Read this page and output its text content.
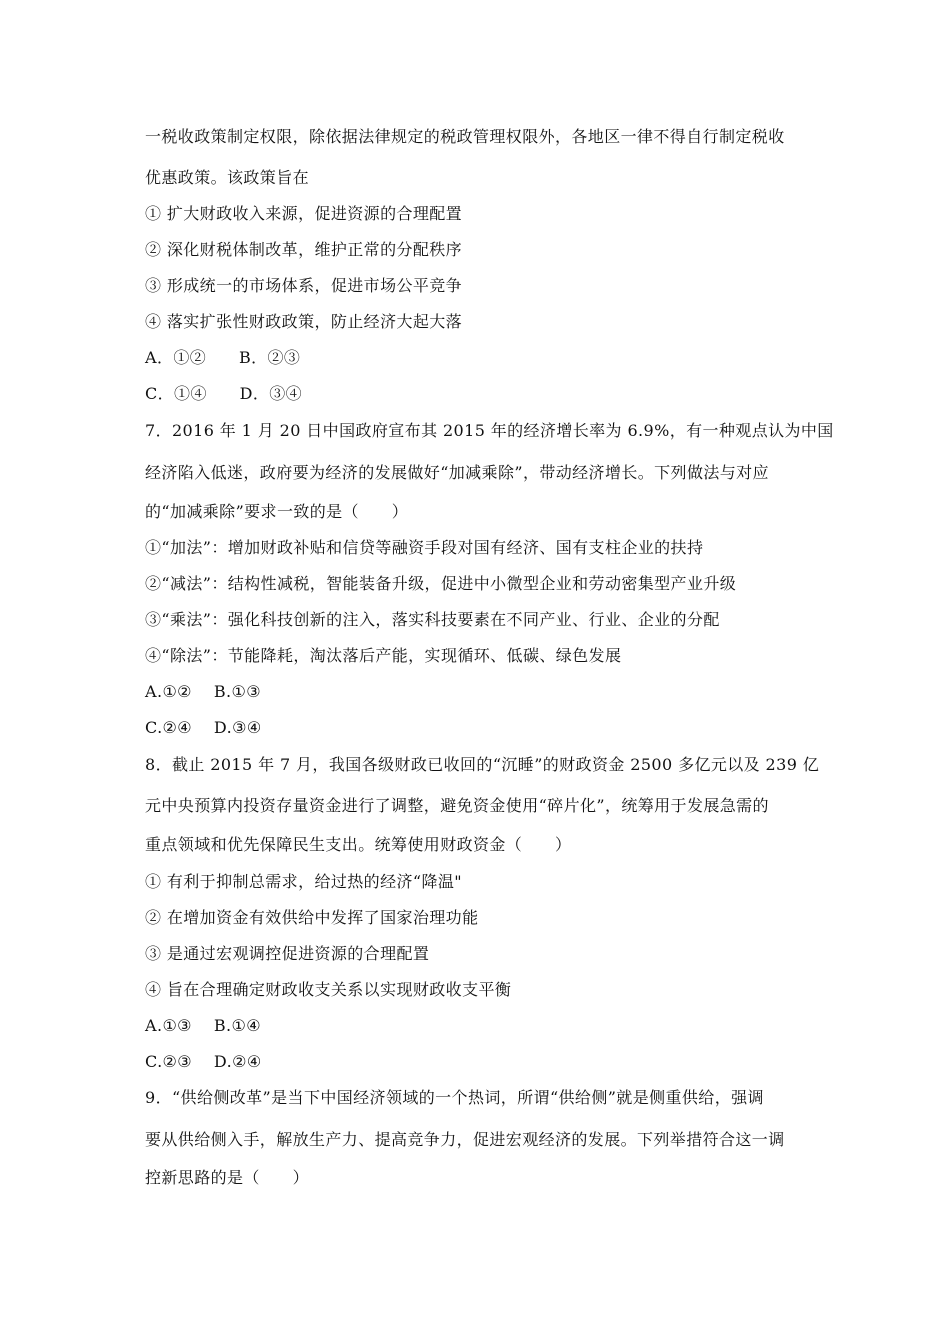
一税收政策制定权限，除依据法律规定的税政管理权限外，各地区一律不得自行制定税收
优惠政策。该政策旨在
① 扩大财政收入来源，促进资源的合理配置
② 深化财税体制改革，维护正常的分配秩序
③ 形成统一的市场体系，促进市场公平竞争
④ 落实扩张性财政政策，防止经济大起大落
A．①②　　B．②③
C．①④　　D．③④
7．2016 年 1 月 20 日中国政府宣布其 2015 年的经济增长率为 6.9%，有一种观点认为中国
经济陷入低迷，政府要为经济的发展做好“加减乘除”，带动经济增长。下列做法与对应
的“加减乘除”要求一致的是（　　）
①“加法”：增加财政补贴和信贷等融资手段对国有经济、国有支柱企业的扶持
②“减法”：结构性减税，智能装备升级，促进中小微型企业和劳动密集型产业升级
③“乘法”：强化科技创新的注入，落实科技要素在不同产业、行业、企业的分配
④“除法”：节能降耗，淘汰落后产能，实现循环、低碳、绿色发展
A.①②　 B.①③
C.②④　 D.③④
8．截止 2015 年 7 月，我国各级财政已收回的“沉睡”的财政资金 2500 多亿元以及 239 亿
元中央预算内投资存量资金进行了调整，避免资金使用“碎片化”，统筹用于发展急需的
重点领域和优先保障民生支出。统筹使用财政资金（　　）
① 有利于抑制总需求，给过热的经济“降温"
② 在增加资金有效供给中发挥了国家治理功能
③ 是通过宏观调控促进资源的合理配置
④ 旨在合理确定财政收支关系以实现财政收支平衡
A.①③　 B.①④
C.②③　 D.②④
9．“供给侧改革”是当下中国经济领域的一个热词，所谓“供给侧”就是侧重供给，强调
要从供给侧入手，解放生产力、提高竞争力，促进宏观经济的发展。下列举措符合这一调
控新思路的是（　　）
